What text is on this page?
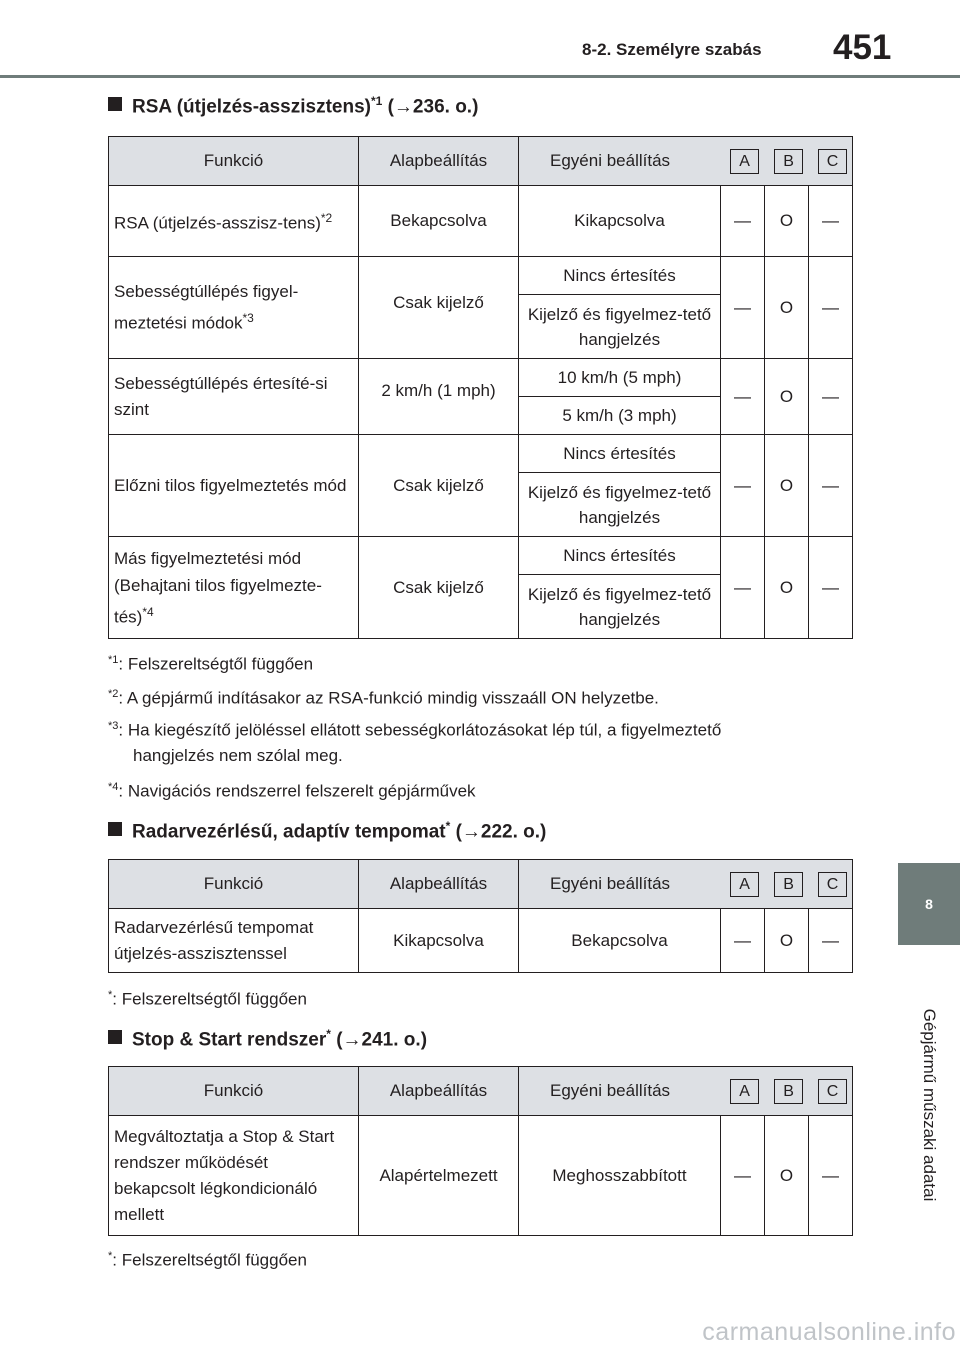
8-2. Személyre szabás 451
8
Gépjármű műszaki adatai
RSA (útjelzés-asszisztens)$^{*1}$ (→236. o.)
Funkció	Alapbeállítás	Egyéni beállítás A B C			

RSA (útjelzés-asszisz-tens)$^{*2}$	Bekapcsolva	Kikapcsolva	—	O	—
Sebességtúllépés figyel-meztetési módok$^{*3}$	Csak kijelző	Nincs értesítés	—	O	—
		Kijelző és figyelmez-tető hangjelzés			
Sebességtúllépés értesíté-si szint	2 km/h (1 mph)	10 km/h (5 mph)	—	O	—
		5 km/h (3 mph)			
Előzni tilos figyelmeztetés mód	Csak kijelző	Nincs értesítés	—	O	—
		Kijelző és figyelmez-tető hangjelzés			
Más figyelmeztetési mód (Behajtani tilos figyelmezte-tés)$^{*4}$	Csak kijelző	Nincs értesítés	—	O	—
		Kijelző és figyelmez-tető hangjelzés			
$^{*1}$: Felszereltségtől függően
$^{*2}$: A gépjármű indításakor az RSA-funkció mindig visszaáll ON helyzetbe.
$^{*3}$: Ha kiegészítő jelöléssel ellátott sebességkorlátozásokat lép túl, a figyelmeztető
hangjelzés nem szólal meg.
$^{*4}$: Navigációs rendszerrel felszerelt gépjárművek
Radarvezérlésű, adaptív tempomat* (→222. o.)
Funkció	Alapbeállítás	Egyéni beállítás A B C			

Radarvezérlésű tempomat útjelzés-asszisztenssel	Kikapcsolva	Bekapcsolva	—	O	—
*: Felszereltségtől függően
Stop & Start rendszer* (→241. o.)
Funkció	Alapbeállítás	Egyéni beállítás A B C			

Megváltoztatja a Stop & Start rendszer működését bekapcsolt légkondicionáló mellett	Alapértelmezett	Meghosszabbított	—	O	—
*: Felszereltségtől függően
carmanualsonline.info
